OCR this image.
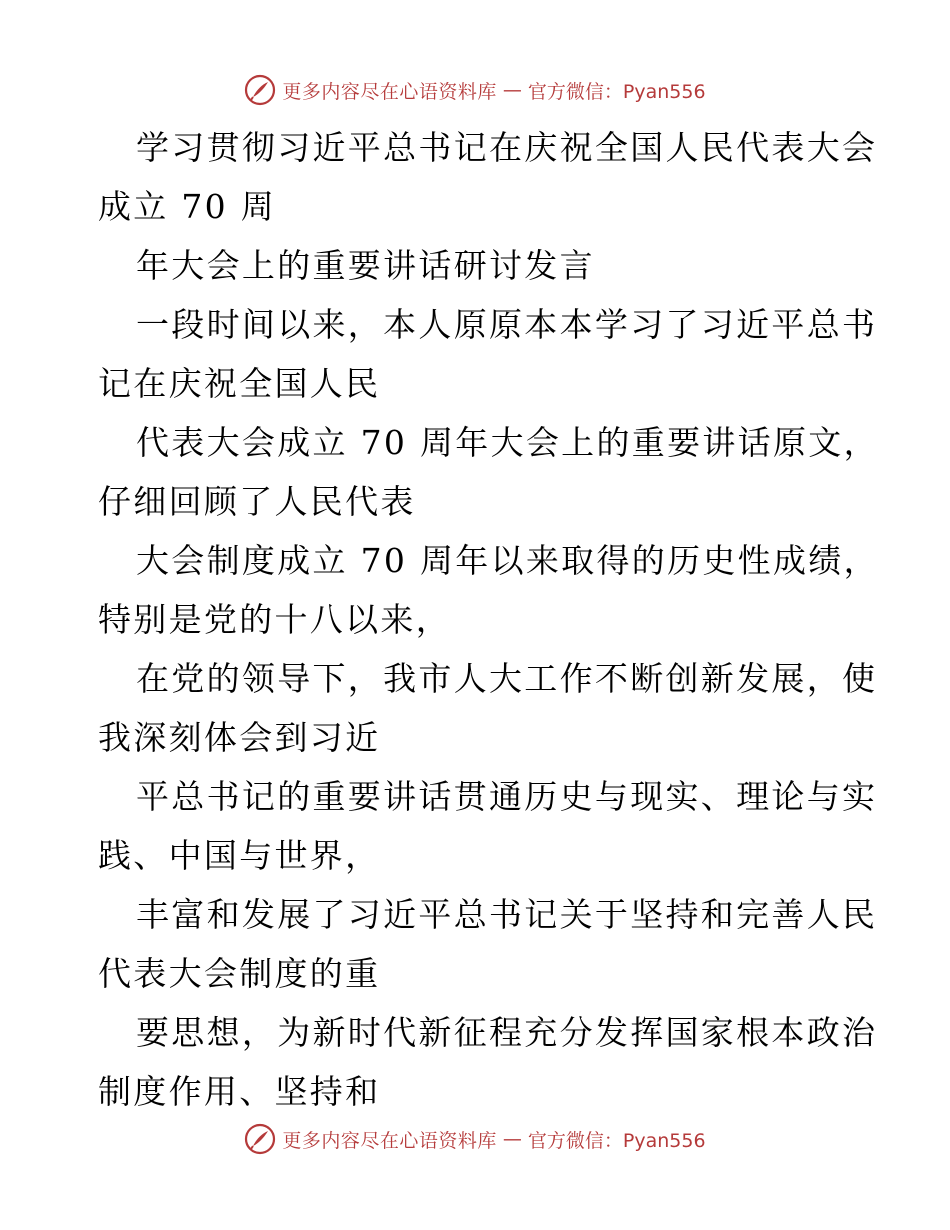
更多内容尽在心语资料库 — 官方微信：Pyan556
学习贯彻习近平总书记在庆祝全国人民代表大会
成立 70 周
年大会上的重要讲话研讨发言
一段时间以来，本人原原本本学习了习近平总书
记在庆祝全国人民
代表大会成立 70 周年大会上的重要讲话原文，
仔细回顾了人民代表
大会制度成立 70 周年以来取得的历史性成绩，
特别是党的十八以来，
在党的领导下，我市人大工作不断创新发展，使
我深刻体会到习近
平总书记的重要讲话贯通历史与现实、理论与实
践、中国与世界，
丰富和发展了习近平总书记关于坚持和完善人民
代表大会制度的重
要思想，为新时代新征程充分发挥国家根本政治
制度作用、坚持和
更多内容尽在心语资料库 — 官方微信：Pyan556
